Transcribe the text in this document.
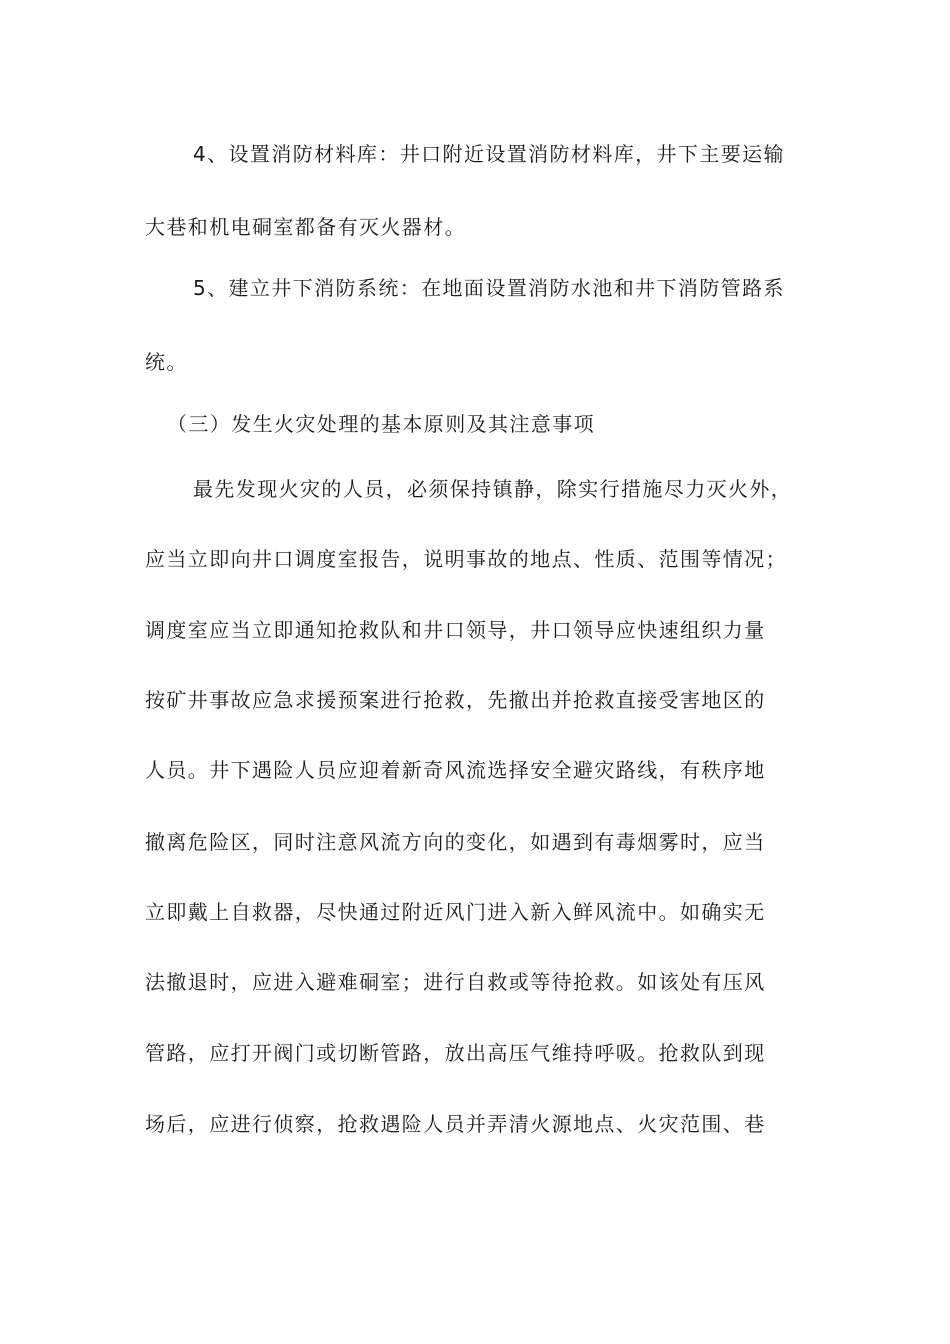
4、设置消防材料库：井口附近设置消防材料库，井下主要运输
大巷和机电硐室都备有灭火器材。
5、建立井下消防系统：在地面设置消防水池和井下消防管路系
统。
（三）发生火灾处理的基本原则及其注意事项
最先发现火灾的人员，必须保持镇静，除实行措施尽力灭火外，
应当立即向井口调度室报告，说明事故的地点、性质、范围等情况；
调度室应当立即通知抢救队和井口领导，井口领导应快速组织力量
按矿井事故应急求援预案进行抢救，先撤出并抢救直接受害地区的
人员。井下遇险人员应迎着新奇风流选择安全避灾路线，有秩序地
撤离危险区，同时注意风流方向的变化，如遇到有毒烟雾时，应当
立即戴上自救器，尽快通过附近风门进入新入鲜风流中。如确实无
法撤退时，应进入避难硐室；进行自救或等待抢救。如该处有压风
管路，应打开阀门或切断管路，放出高压气维持呼吸。抢救队到现
场后，应进行侦察，抢救遇险人员并弄清火源地点、火灾范围、巷
